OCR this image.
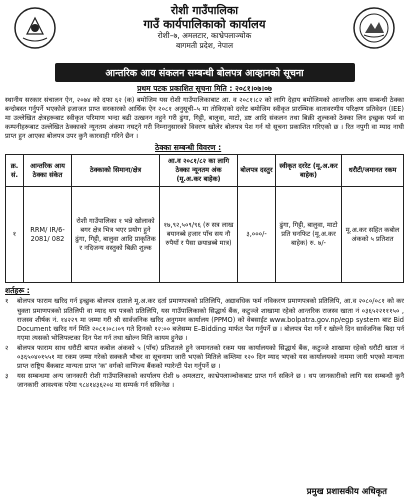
रोशी गाउँपालिका
गाउँ कार्यपालिकाको कार्यालय
रोशी–७, अमलटार, काभ्रेपलाञ्चोक
बागमती प्रदेश, नेपाल
आन्तरिक आय संकलन सम्बन्धी बोलपत्र आव्हानको सूचना
प्रथम पटक प्रकाशित सूचना मिति : २०८१।०७।०७

स्थानीय सरकार संचालन ऐन, २०७४ को दफा ६२ (क) बमोजिम यस रोशी गाउँपालिकाबाट आ. व २०८१।८२ को लागि देहाय बमोजिमको आन्तरिक आय सम्बन्धी ठेक्का बन्दोबस्त गर्नुपर्ने भएकोले इजाजत प्राप्त सरकारको आर्थिक ऐन २०८१ अनुसूची–५ मा तोकिएको दररेट बमोजिम स्वीकृत प्रारम्भिक वातावरणीय परिक्षण प्रतिवेदन (IEE) मा उल्लेखित क्षेत्रहरूबाट स्वीकृत परिमाण भन्दा बढी उत्खनन नहुने गरी ढुंगा, गिट्टी, बालुवा, माटो, डष्ट आदि संकलन तथा बिक्री शुल्कको ठेक्का लिन इच्छुक फर्म वा कम्पनीहरूबाट उल्लेखित ठेक्काको न्यूनतम अंकमा नघट्ने गरी निम्नानुसारको विवरण खोलेर बोलपत्र पेश गर्न यो सूचना प्रकाशित गरिएको छ । रित नपुगी वा म्याद नाघी प्राप्त हुन आएका बोलपत्र उपर कुनै कारवाही गरिने छैन ।

ठेक्का सम्बन्धी विवरण :
क्र. सं.	आन्तरिक आय ठेक्का संकेत	ठेक्काको सिमाना/क्षेत्र	आ.व २०८१/८२ का लागि ठेक्का न्यूनतम अंक (मू.अ.कर बाहेक)	बोलपत्र दस्तुर	स्वीकृत दररेट (मू.अ.कर बाहेक)	धरौटी/जमानत रकम
१	RRM/ IR/6- 2081/ 082	रोशी गाउँपालिका १ भन्ने खोलाको बगर क्षेत्र भित्र भएर प्रयोग हुने ढुंगा, गिट्टी, बालुवा आदि प्राकृतिक र नदिजन्य वस्तुको बिक्री शुल्क	१७,९२,५०९/९६ (रु सत्र लाख बयानब्बे हजार पाँच सय नौ रुपैयाँ र पैसा छयान्नब्बे मात्र)	३,०००/-	ढुंगा, गिट्टी, बालुवा, माटो प्रति घनफिट (मू.अ.कर बाहेक) रु. ७/-	मू.अ.कर सहित कबोल अंकको ५ प्रतिशत
शर्तहरू :
१	बोलपत्र फाराम खरिद गर्न इच्छुक बोलपत्र दाताले मू.अ.कर दर्ता प्रमाणपत्रको प्रतिलिपि, अद्यावधिक फर्म नविकरण प्रमाणपत्रको प्रतिलिपि, आ.व २०८०/०८१ को कर चुक्ता प्रमाणपत्रको प्रतिलिपी वा म्याद थप पत्रको प्रतिलिपि, यस गाउँपालिकाको सिद्धार्थ बैंक, कटुञ्जे शाखामा रहेको आन्तरिक राजस्व खाता नं ०३६५२२१११५० , राजस्व शीर्षक नं. १४२२९ मा जम्मा गरी श्री सार्वजनिक खरिद अनुगमन कार्यालय (PPMO) को वेबसाईट www.bolpatra.gov.np/egp system बाट Bid Document खरिद गर्न मिति २०८१।०८।०९ गते दिनको १२:०० बजेसम्म E–Bidding मार्फत पेश गर्नुपर्ने छ । बोलपत्र पेश गर्ने र खोल्ने दिन सार्वजनिक बिदा पर्न गएमा त्यसको भोलिपल्टका दिन पेश गर्न तथा खोल्न मिति कायम हुनेछ ।
२	बोलपत्र फाराम साथ धरौटी बापत कबोल अंकको ५ (पाँच) प्रतिशतले हुने जमानतको रकम यस कार्यालयको सिद्धार्थ बैंक, कटुञ्जे शाखामा रहेको धरौटी खाता नं ०३६५०४०१५५१ मा रकम जम्मा गरेको सक्कलै भौचर वा सूचनामा जारी भएको मितिले कम्तिमा १२० दिन म्याद भएको यस कार्यालयको नाममा जारी भएको मान्यता प्राप्त राष्ट्रिय बैंकबाट मान्यता प्राप्त 'क' वर्गको वाणिज्य बैंकको ग्यारेन्टी पेश गर्नुपर्ने छ ।
३	यस सम्बन्धमा अन्य जानकारी रोशी गाउँपालिकाको कार्यालय रोशी ७ अमलटार, काभ्रेपलाञ्चोकबाट प्राप्त गर्न सकिने छ । थप जानकारीको लागि यस सम्बन्धी कुनै जानकारी आवश्यक परेमा ९८४१४३६२०४ मा सम्पर्क गर्न सकिनेछ ।
प्रमुख प्रशासकीय अधिकृत
